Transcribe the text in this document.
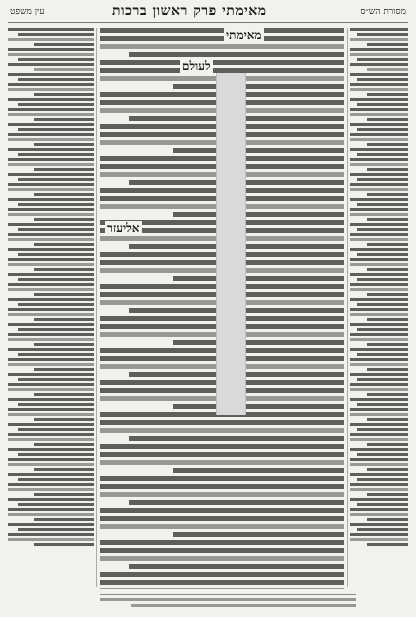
עין משפט	מאימתי פרק ראשון ברכות	מסורת הש״ס
מאימתי
לעולם
אליעזר
